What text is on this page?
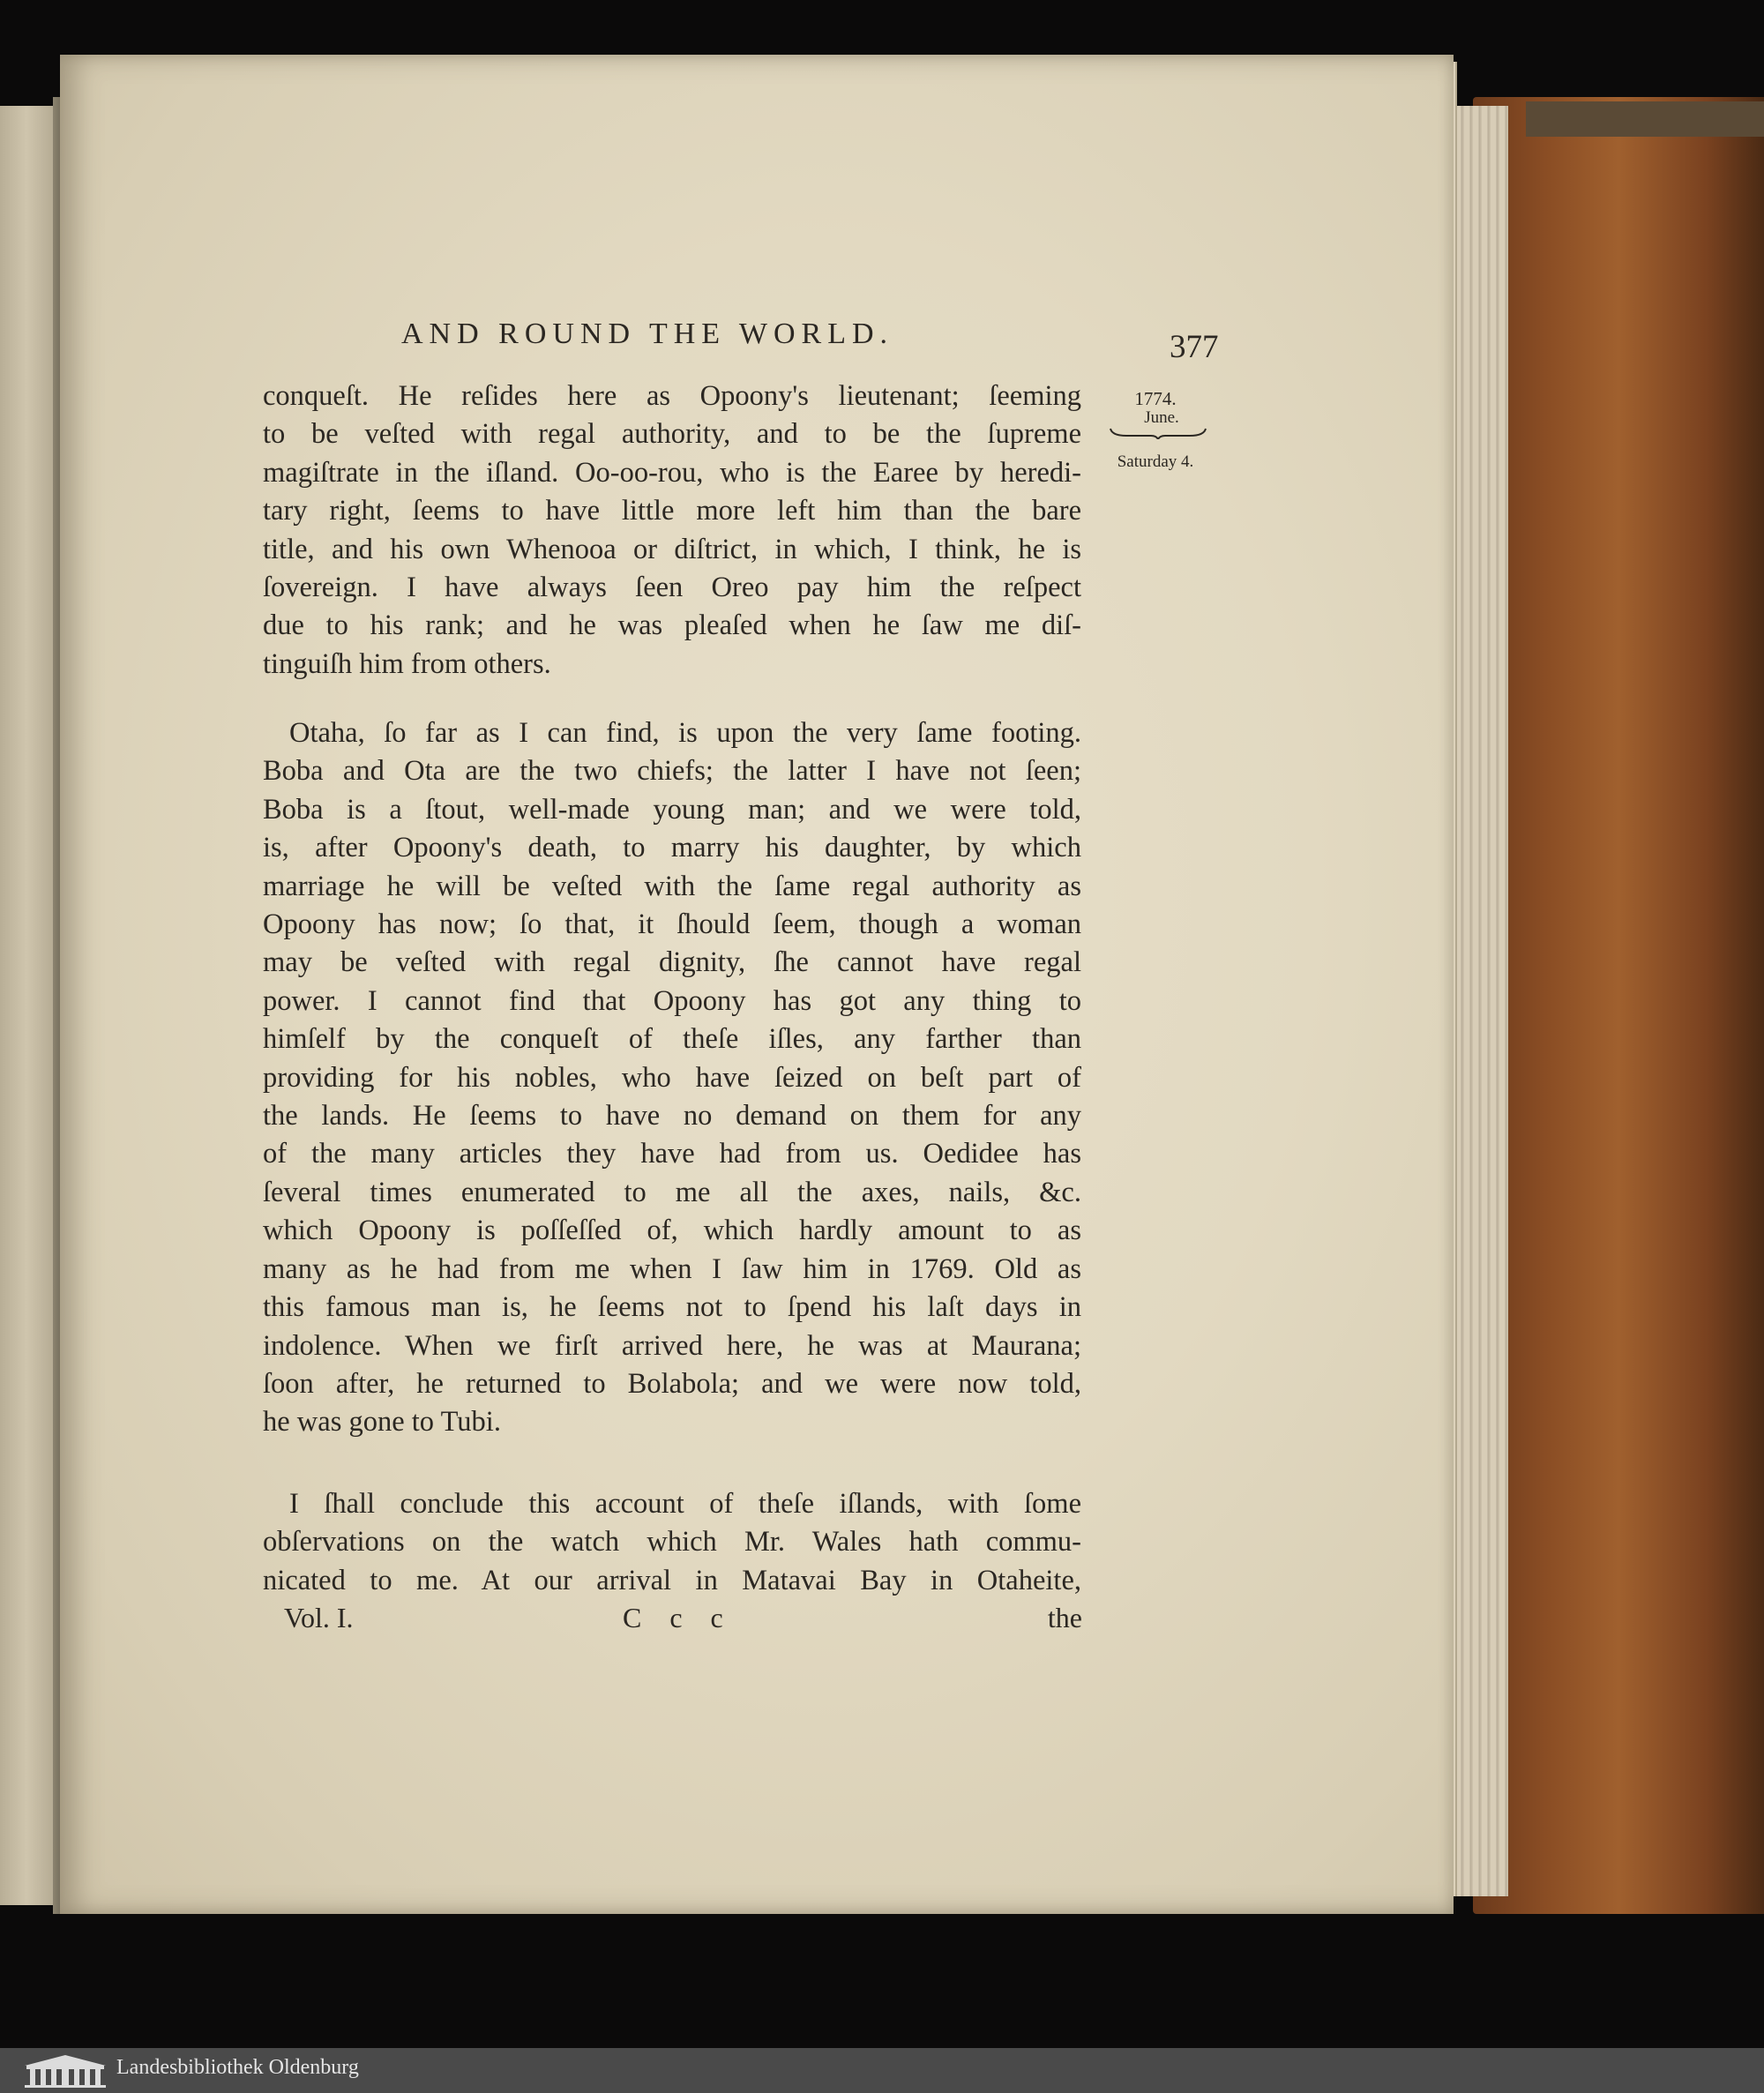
AND ROUND THE WORLD.	377
1774.
June.
Saturday 4.
conqueſt. He reſides here as Opoony's lieutenant; ſeeming
to be veſted with regal authority, and to be the ſupreme
magiſtrate in the iſland. Oo-oo-rou, who is the Earee by heredi-
tary right, ſeems to have little more left him than the bare
title, and his own Whenooa or diſtrict, in which, I think, he is
ſovereign. I have always ſeen Oreo pay him the reſpect
due to his rank; and he was pleaſed when he ſaw me diſ-
tinguiſh him from others.
Otaha, ſo far as I can find, is upon the very ſame footing.
Boba and Ota are the two chiefs; the latter I have not ſeen;
Boba is a ſtout, well-made young man; and we were told,
is, after Opoony's death, to marry his daughter, by which
marriage he will be veſted with the ſame regal authority as
Opoony has now; ſo that, it ſhould ſeem, though a woman
may be veſted with regal dignity, ſhe cannot have regal
power. I cannot find that Opoony has got any thing to
himſelf by the conqueſt of theſe iſles, any farther than
providing for his nobles, who have ſeized on beſt part of
the lands. He ſeems to have no demand on them for any
of the many articles they have had from us. Oedidee has
ſeveral times enumerated to me all the axes, nails, &c.
which Opoony is poſſeſſed of, which hardly amount to as
many as he had from me when I ſaw him in 1769. Old as
this famous man is, he ſeems not to ſpend his laſt days in
indolence. When we firſt arrived here, he was at Maurana;
ſoon after, he returned to Bolabola; and we were now told,
he was gone to Tubi.
I ſhall conclude this account of theſe iſlands, with ſome
obſervations on the watch which Mr. Wales hath commu-
nicated to me. At our arrival in Matavai Bay in Otaheite,
Vol. I.	C c c	the
Landesbibliothek Oldenburg
